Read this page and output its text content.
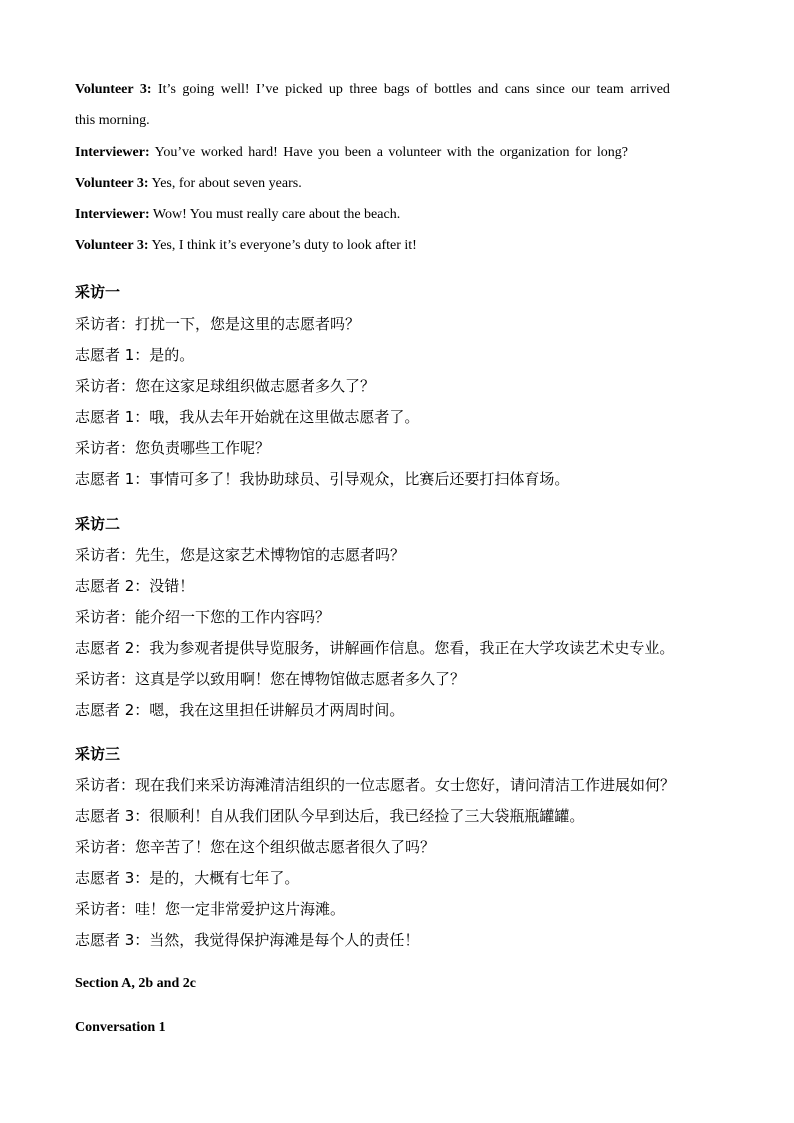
Volunteer 3: It’s going well! I’ve picked up three bags of bottles and cans since our team arrived
this morning.
Interviewer: You’ve worked hard! Have you been a volunteer with the organization for long?
Volunteer 3: Yes, for about seven years.
Interviewer: Wow! You must really care about the beach.
Volunteer 3: Yes, I think it’s everyone’s duty to look after it!
采访一
采访者：打扰一下，您是这里的志愿者吗？
志愿者 1：是的。
采访者：您在这家足球组织做志愿者多久了？
志愿者 1：哦，我从去年开始就在这里做志愿者了。
采访者：您负责哪些工作呢？
志愿者 1：事情可多了！我协助球员、引导观众，比赛后还要打扫体育场。
采访二
采访者：先生，您是这家艺术博物馆的志愿者吗？
志愿者 2：没错！
采访者：能介绍一下您的工作内容吗？
志愿者 2：我为参观者提供导览服务，讲解画作信息。您看，我正在大学攻读艺术史专业。
采访者：这真是学以致用啊！您在博物馆做志愿者多久了？
志愿者 2：嗯，我在这里担任讲解员才两周时间。
采访三
采访者：现在我们来采访海滩清洁组织的一位志愿者。女士您好，请问清洁工作进展如何？
志愿者 3：很顺利！自从我们团队今早到达后，我已经捡了三大袋瓶瓶罐罐。
采访者：您辛苦了！您在这个组织做志愿者很久了吗？
志愿者 3：是的，大概有七年了。
采访者：哇！您一定非常爱护这片海滩。
志愿者 3：当然，我觉得保护海滩是每个人的责任！
Section A, 2b and 2c
Conversation 1
